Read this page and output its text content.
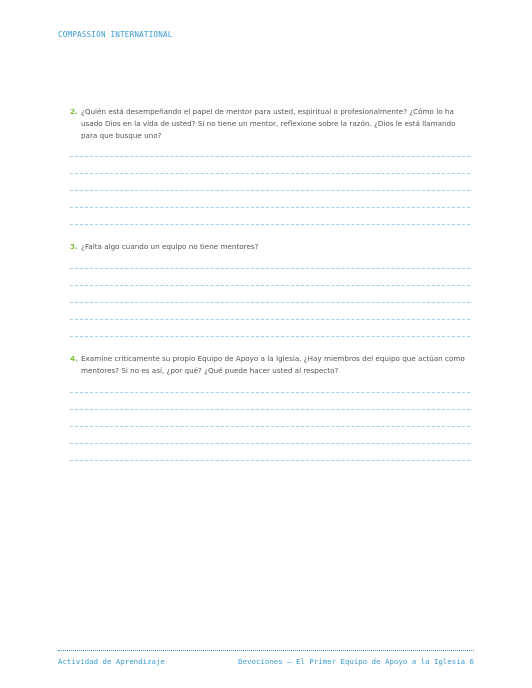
COMPASSION INTERNATIONAL
2. ¿Quién está desempeñando el papel de mentor para usted, espiritual o profesionalmente? ¿Cómo lo ha usado Dios en la vida de usted? Si no tiene un mentor, reflexione sobre la razón. ¿Dios le está llamando para que busque uno?
3. ¿Falta algo cuando un equipo no tiene mentores?
4. Examine críticamente su propio Equipo de Apoyo a la Iglesia. ¿Hay miembros del equipo que actúan como mentores? Si no es así, ¿por qué? ¿Qué puede hacer usted al respecto?
Actividad de Aprendizaje	Devociones — El Primer Equipo de Apoyo a la Iglesia 6
